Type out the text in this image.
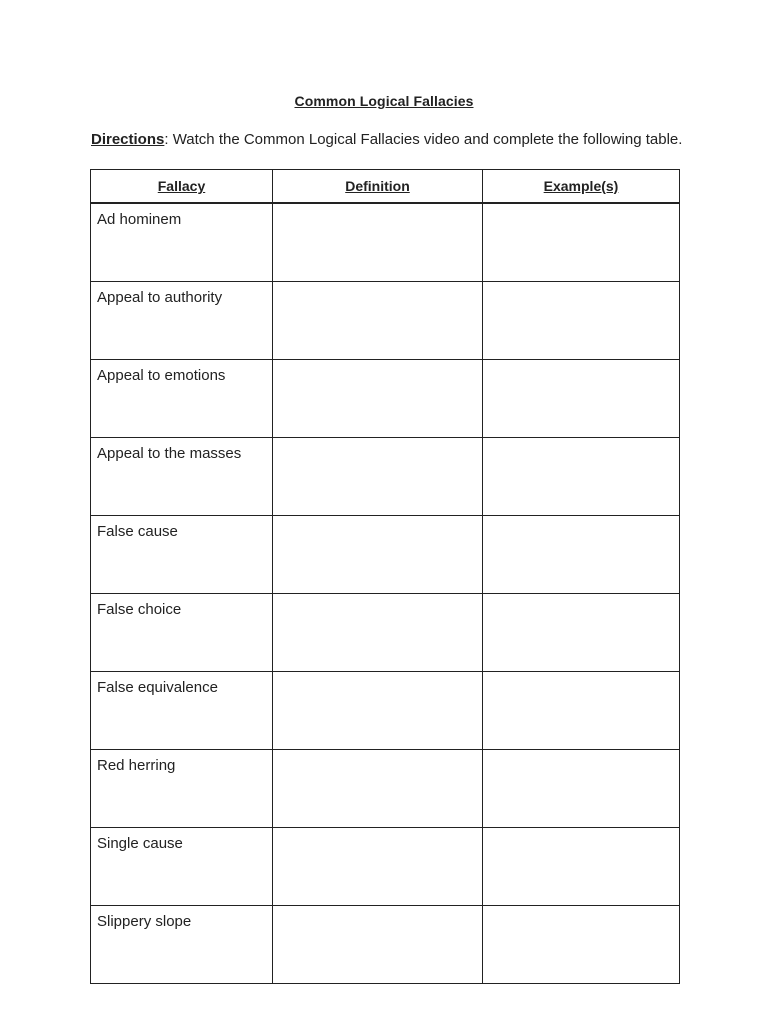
Common Logical Fallacies
Directions: Watch the Common Logical Fallacies video and complete the following table.
Fallacy	Definition	Example(s)
Ad hominem		
Appeal to authority		
Appeal to emotions		
Appeal to the masses		
False cause		
False choice		
False equivalence		
Red herring		
Single cause		
Slippery slope		
